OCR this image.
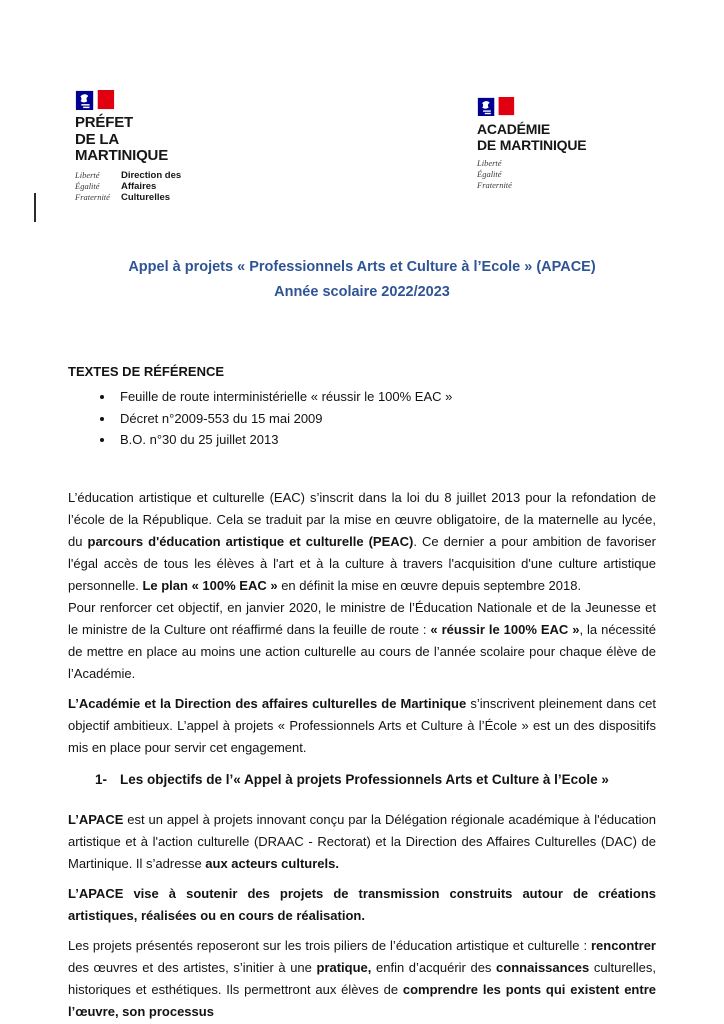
PRÉFET
DE LA
MARTINIQUE
Liberté
Égalité
Fraternité
Direction des
Affaires
Culturelles
ACADÉMIE
DE MARTINIQUE
Liberté
Égalité
Fraternité
Appel à projets « Professionnels Arts et Culture à l’Ecole » (APACE)
Année scolaire 2022/2023
TEXTES DE RÉFÉRENCE
• Feuille de route interministérielle « réussir le 100% EAC »
• Décret n°2009-553 du 15 mai 2009
• B.O. n°30 du 25 juillet 2013

L’éducation artistique et culturelle (EAC) s’inscrit dans la loi du 8 juillet 2013 pour la refondation de l’école de la République. Cela se traduit par la mise en œuvre obligatoire, de la maternelle au lycée, du parcours d'éducation artistique et culturelle (PEAC). Ce dernier a pour ambition de favoriser l'égal accès de tous les élèves à l'art et à la culture à travers l'acquisition d'une culture artistique personnelle. Le plan « 100% EAC » en définit la mise en œuvre depuis septembre 2018.

Pour renforcer cet objectif, en janvier 2020, le ministre de l’Éducation Nationale et de la Jeunesse et le ministre de la Culture ont réaffirmé dans la feuille de route : « réussir le 100% EAC », la nécessité de mettre en place au moins une action culturelle au cours de l’année scolaire pour chaque élève de l’Académie.

L’Académie et la Direction des affaires culturelles de Martinique s’inscrivent pleinement dans cet objectif ambitieux. L’appel à projets « Professionnels Arts et Culture à l’École » est un des dispositifs mis en place pour servir cet engagement.

1- Les objectifs de l’« Appel à projets Professionnels Arts et Culture à l’Ecole »

L’APACE est un appel à projets innovant conçu par la Délégation régionale académique à l'éducation artistique et à l'action culturelle (DRAAC - Rectorat) et la Direction des Affaires Culturelles (DAC) de Martinique. Il s’adresse aux acteurs culturels.

L’APACE vise à soutenir des projets de transmission construits autour de créations artistiques, réalisées ou en cours de réalisation.

Les projets présentés reposeront sur les trois piliers de l’éducation artistique et culturelle : rencontrer des œuvres et des artistes, s’initier à une pratique, enfin d’acquérir des connaissances culturelles, historiques et esthétiques. Ils permettront aux élèves de comprendre les ponts qui existent entre l’œuvre, son processus
